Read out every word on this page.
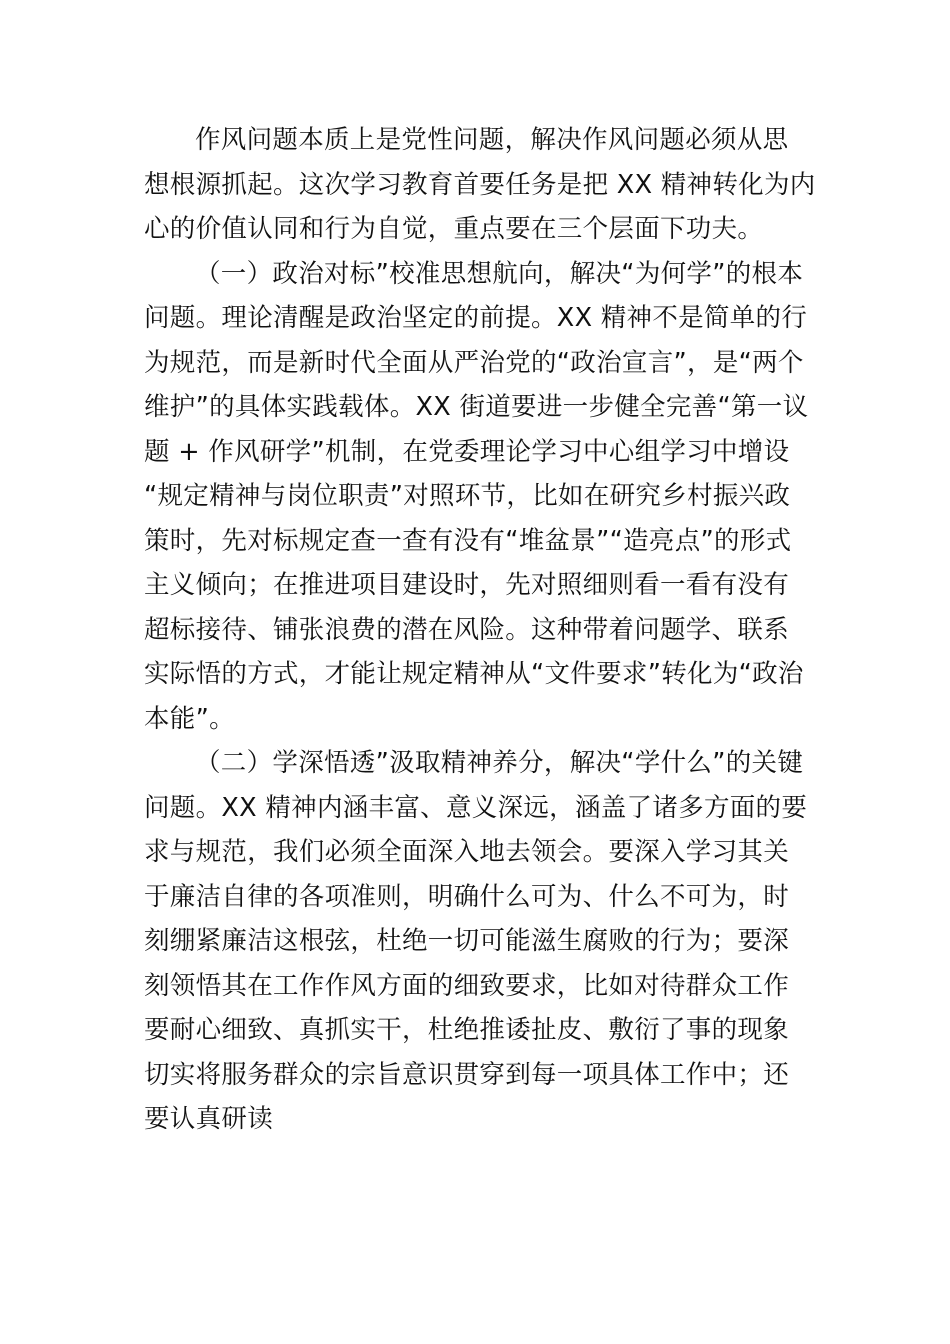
作风问题本质上是党性问题，解决作风问题必须从思
想根源抓起。这次学习教育首要任务是把 XX 精神转化为内
心的价值认同和行为自觉，重点要在三个层面下功夫。

（一）政治对标”校准思想航向，解决“为何学”的根本
问题。理论清醒是政治坚定的前提。XX 精神不是简单的行
为规范，而是新时代全面从严治党的“政治宣言”，是“两个
维护”的具体实践载体。XX 街道要进一步健全完善“第一议
题 + 作风研学”机制，在党委理论学习中心组学习中增设
“规定精神与岗位职责”对照环节，比如在研究乡村振兴政
策时，先对标规定查一查有没有“堆盆景”“造亮点”的形式
主义倾向；在推进项目建设时，先对照细则看一看有没有
超标接待、铺张浪费的潜在风险。这种带着问题学、联系
实际悟的方式，才能让规定精神从“文件要求”转化为“政治
本能”。

（二）学深悟透”汲取精神养分，解决“学什么”的关键
问题。XX 精神内涵丰富、意义深远，涵盖了诸多方面的要
求与规范，我们必须全面深入地去领会。要深入学习其关
于廉洁自律的各项准则，明确什么可为、什么不可为，时
刻绷紧廉洁这根弦，杜绝一切可能滋生腐败的行为；要深
刻领悟其在工作作风方面的细致要求，比如对待群众工作
要耐心细致、真抓实干，杜绝推诿扯皮、敷衍了事的现象
切实将服务群众的宗旨意识贯穿到每一项具体工作中；还
要认真研读
